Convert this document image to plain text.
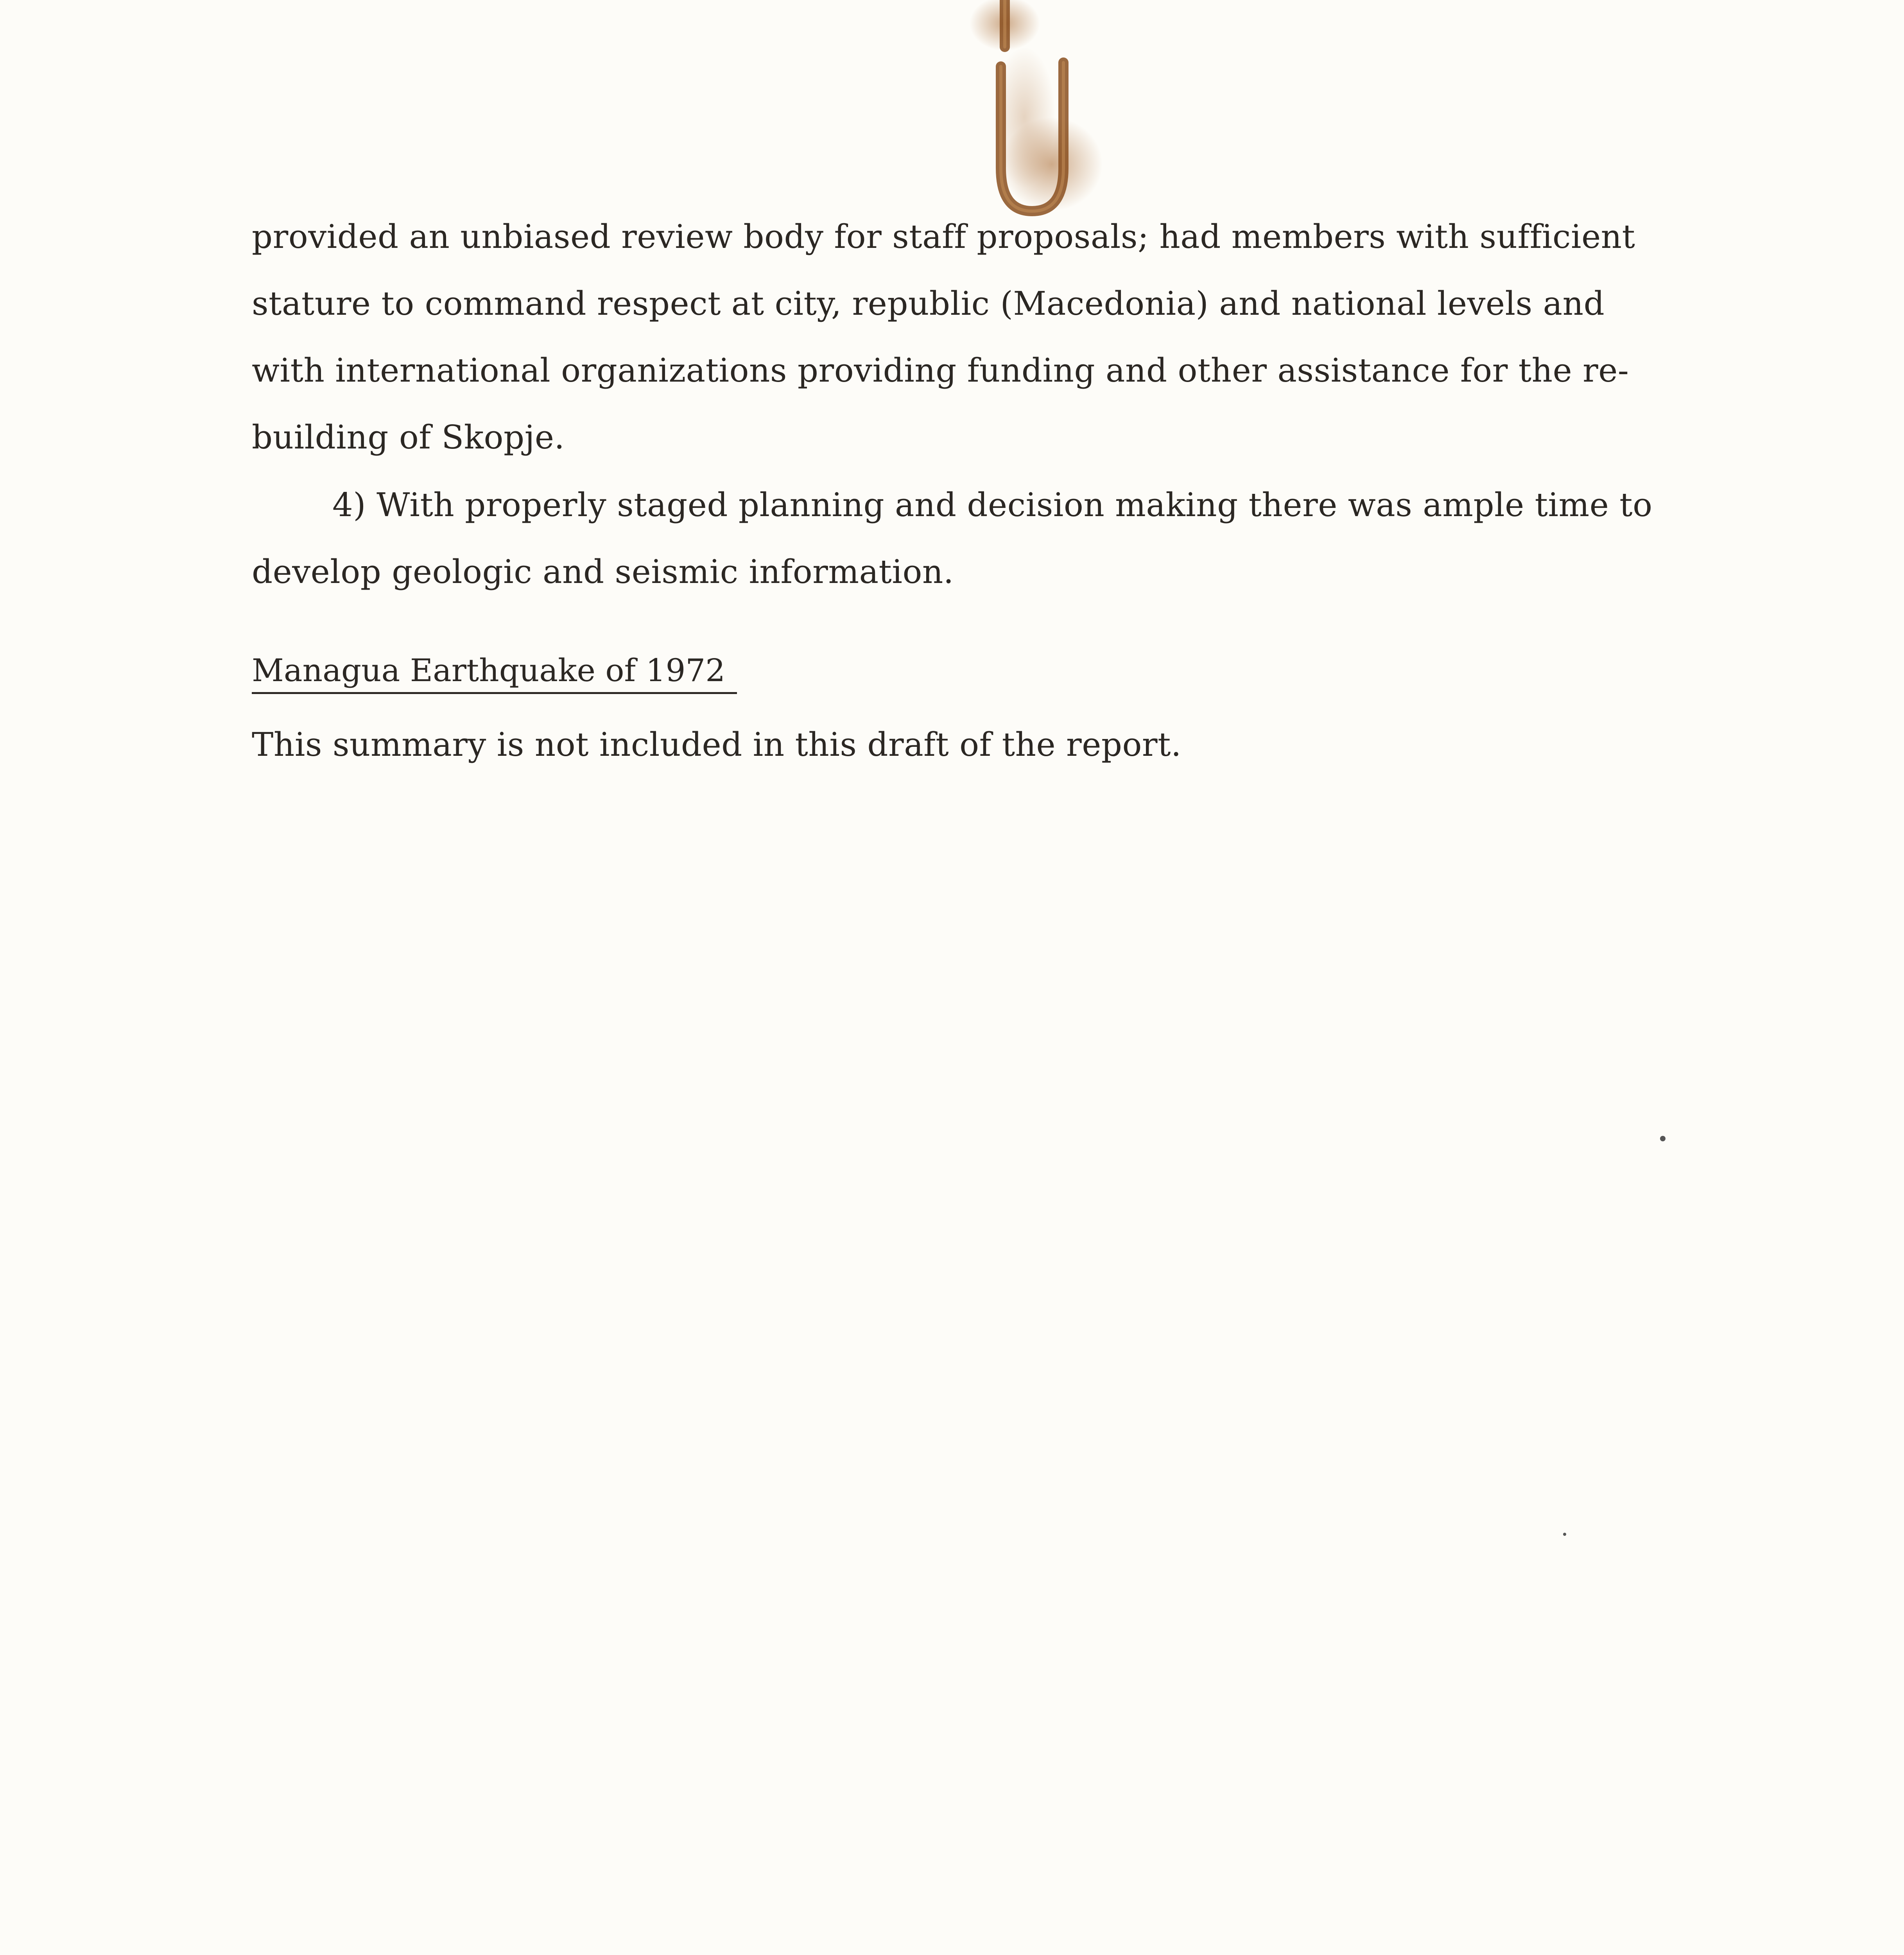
provided an unbiased review body for staff proposals; had members with sufficient
stature to command respect at city, republic (Macedonia) and national levels and
with international organizations providing funding and other assistance for the re-
building of Skopje.
4) With properly staged planning and decision making there was ample time to
develop geologic and seismic information.
Managua Earthquake of 1972
This summary is not included in this draft of the report.
